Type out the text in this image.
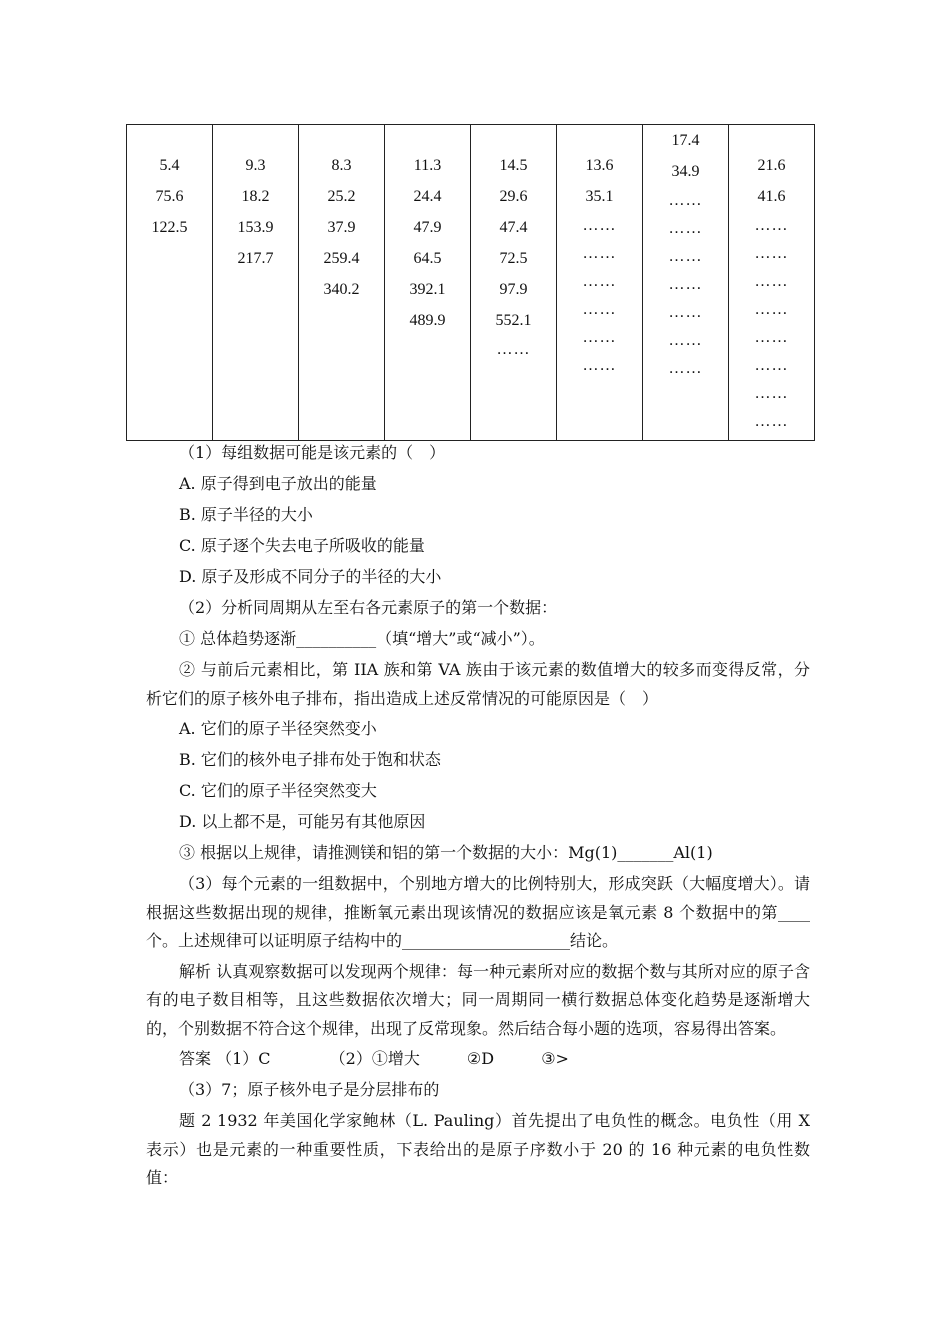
5.4
75.6
122.5

9.3
18.2
153.9
217.7

8.3
25.2
37.9
259.4
340.2

11.3
24.4
47.9
64.5
392.1
489.9

14.5
29.6
47.4
72.5
97.9
552.1
……

13.6
35.1
……
……
……
……
……
……

17.4
34.9
……
……
……
……
……
……
……

21.6
41.6
……
……
……
……
……
……
……
……
（1）每组数据可能是该元素的（　）
A. 原子得到电子放出的能量
B. 原子半径的大小
C. 原子逐个失去电子所吸收的能量
D. 原子及形成不同分子的半径的大小
（2）分析同周期从左至右各元素原子的第一个数据：
① 总体趋势逐渐__________（填“增大”或“减小”）。
② 与前后元素相比，第 IIA 族和第 VA 族由于该元素的数值增大的较多而变得反常，分析它们的原子核外电子排布，指出造成上述反常情况的可能原因是（　）
A. 它们的原子半径突然变小
B. 它们的核外电子排布处于饱和状态
C. 它们的原子半径突然变大
D. 以上都不是，可能另有其他原因
③ 根据以上规律，请推测镁和铝的第一个数据的大小：Mg(1)_______Al(1)
（3）每个元素的一组数据中，个别地方增大的比例特别大，形成突跃（大幅度增大）。请根据这些数据出现的规律，推断氧元素出现该情况的数据应该是氧元素 8 个数据中的第____个。上述规律可以证明原子结构中的_____________________结论。
解析 认真观察数据可以发现两个规律：每一种元素所对应的数据个数与其所对应的原子含有的电子数目相等，且这些数据依次增大；同一周期同一横行数据总体变化趋势是逐渐增大的，个别数据不符合这个规律，出现了反常现象。然后结合每小题的选项，容易得出答案。
答案 （1）C	（2）①增大	②D	③>
（3）7；原子核外电子是分层排布的
题 2 1932 年美国化学家鲍林（L. Pauling）首先提出了电负性的概念。电负性（用 X 表示）也是元素的一种重要性质，下表给出的是原子序数小于 20 的 16 种元素的电负性数值：
